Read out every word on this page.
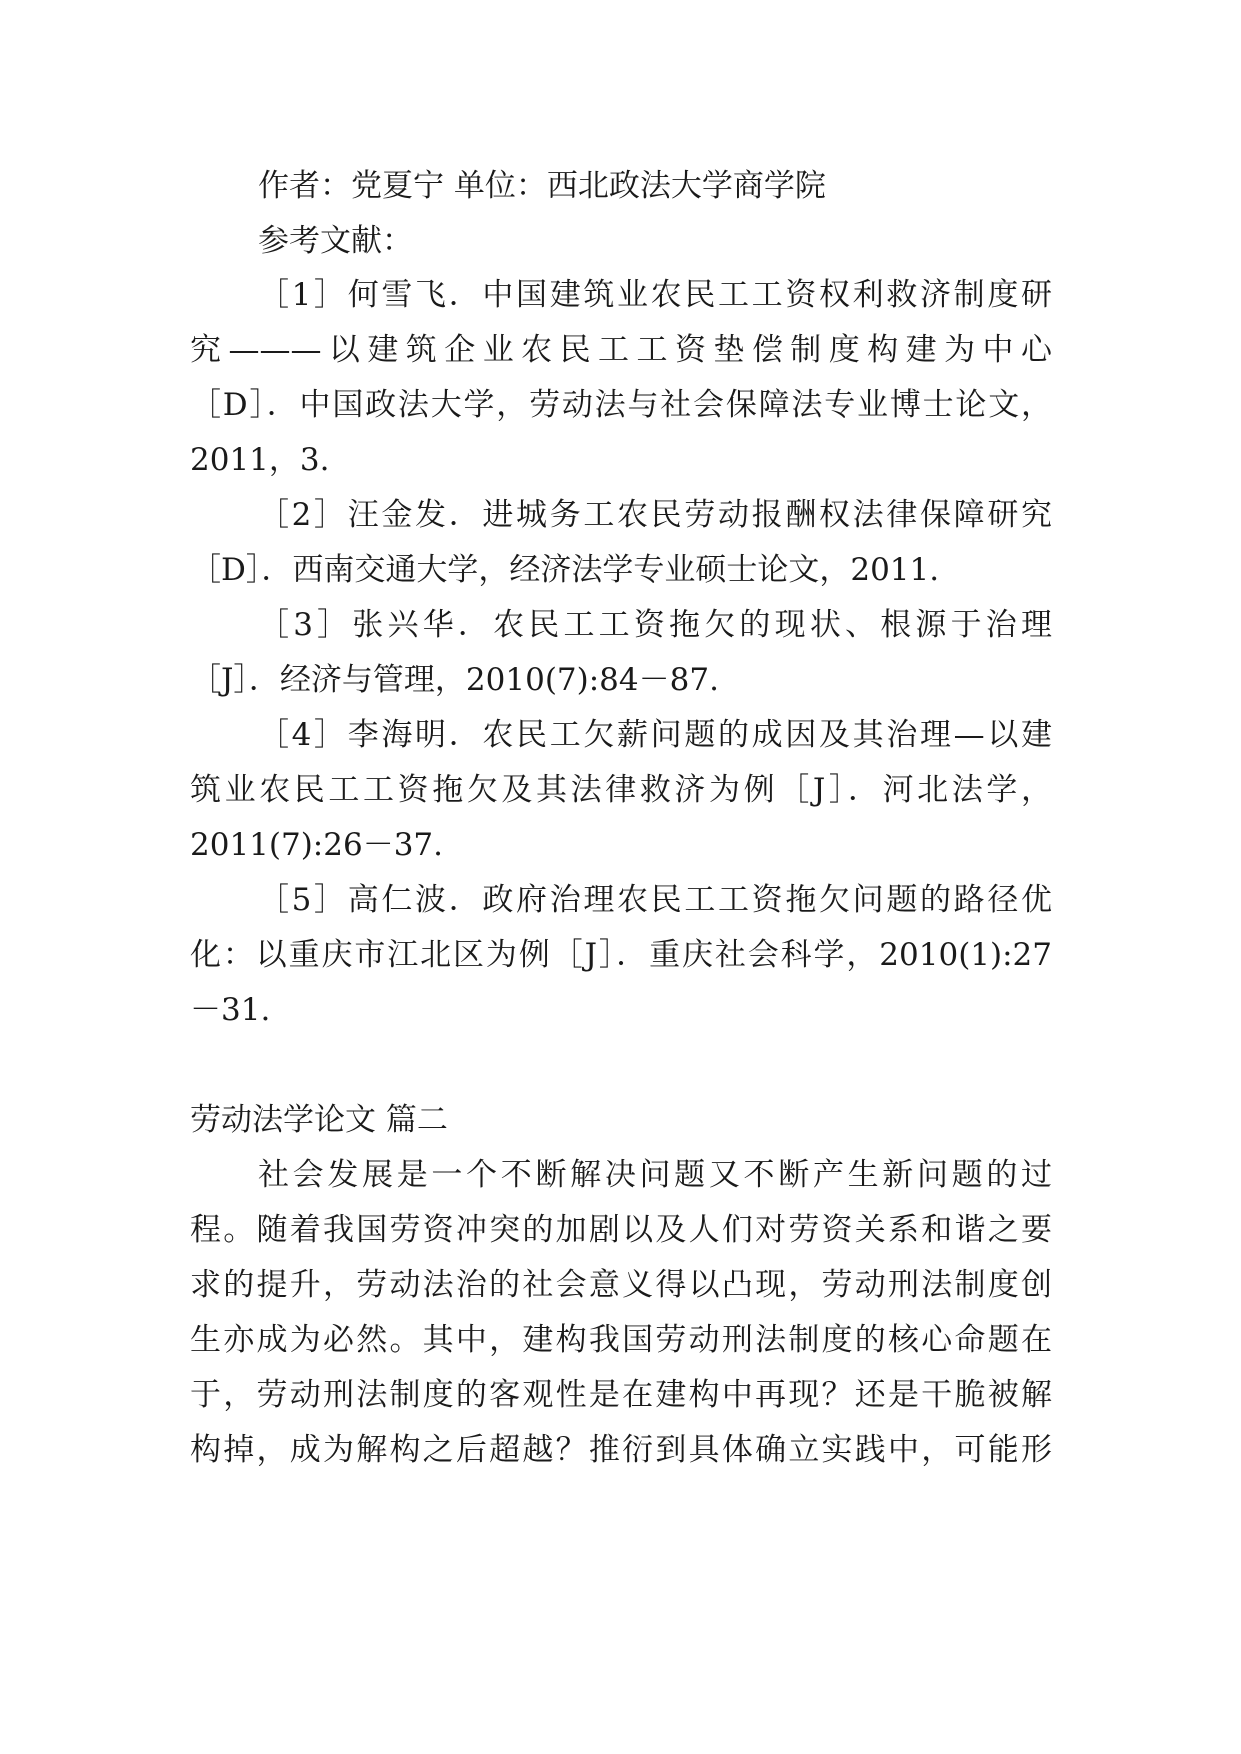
作者：党夏宁 单位：西北政法大学商学院
参考文献：
［1］何雪飞．中国建筑业农民工工资权利救济制度研
究———以建筑企业农民工工资垫偿制度构建为中心
［D］．中国政法大学，劳动法与社会保障法专业博士论文，
2011，3.
［2］汪金发．进城务工农民劳动报酬权法律保障研究
［D］．西南交通大学，经济法学专业硕士论文，2011.
［3］张兴华．农民工工资拖欠的现状、根源于治理
［J］．经济与管理，2010(7):84－87.
［4］李海明．农民工欠薪问题的成因及其治理—以建
筑业农民工工资拖欠及其法律救济为例［J］．河北法学，
2011(7):26－37.
［5］高仁波．政府治理农民工工资拖欠问题的路径优
化：以重庆市江北区为例［J］．重庆社会科学，2010(1):27
－31.
劳动法学论文 篇二
社会发展是一个不断解决问题又不断产生新问题的过
程。随着我国劳资冲突的加剧以及人们对劳资关系和谐之要
求的提升，劳动法治的社会意义得以凸现，劳动刑法制度创
生亦成为必然。其中，建构我国劳动刑法制度的核心命题在
于，劳动刑法制度的客观性是在建构中再现？还是干脆被解
构掉，成为解构之后超越？推衍到具体确立实践中，可能形
